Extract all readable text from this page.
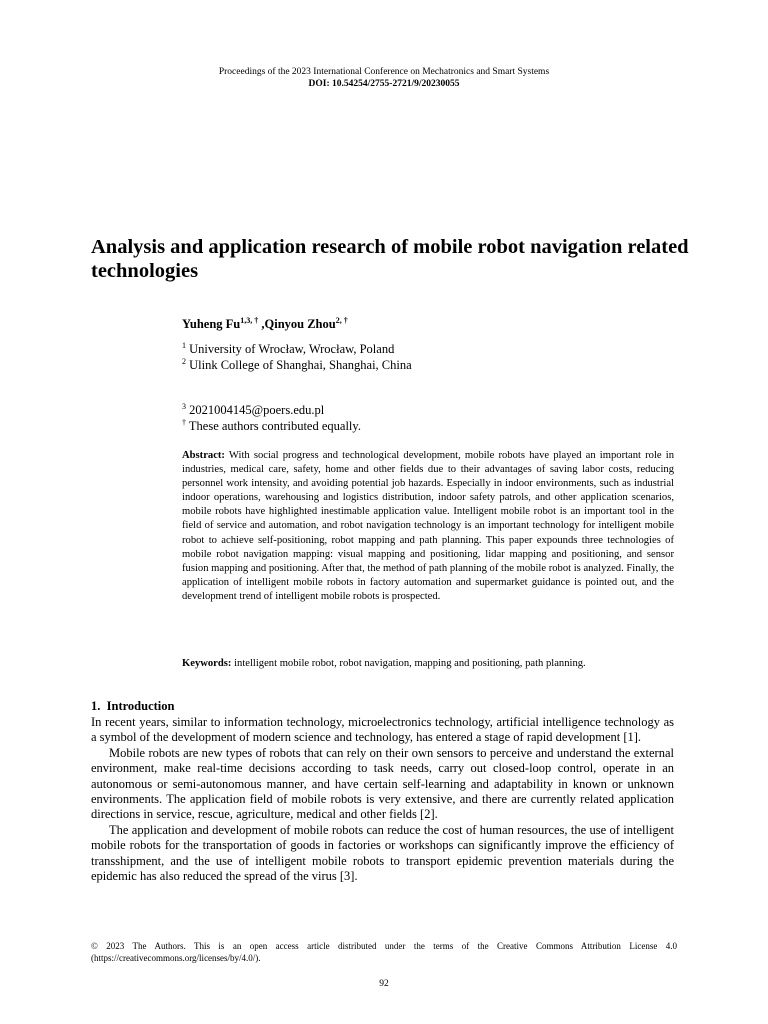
Proceedings of the 2023 International Conference on Mechatronics and Smart Systems
DOI: 10.54254/2755-2721/9/20230055
Analysis and application research of mobile robot navigation related technologies
Yuheng $Fu^{1,3, \dagger}$ ,Qinyou Zhou$^{2, \dagger}$
$^1$ University of Wrocław, Wrocław, Poland
$^2$ Ulink College of Shanghai, Shanghai, China
$^3$ 2021004145@poers.edu.pl
† These authors contributed equally.

Abstract: With social progress and technological development, mobile robots have played an important role in industries, medical care, safety, home and other fields due to their advantages of saving labor costs, reducing personnel work intensity, and avoiding potential job hazards. Especially in indoor environments, such as industrial indoor operations, warehousing and logistics distribution, indoor safety patrols, and other application scenarios, mobile robots have highlighted inestimable application value. Intelligent mobile robot is an important tool in the field of service and automation, and robot navigation technology is an important technology for intelligent mobile robot to achieve self-positioning, robot mapping and path planning. This paper expounds three technologies of mobile robot navigation mapping: visual mapping and positioning, lidar mapping and positioning, and sensor fusion mapping and positioning. After that, the method of path planning of the mobile robot is analyzed. Finally, the application of intelligent mobile robots in factory automation and supermarket guidance is pointed out, and the development trend of intelligent mobile robots is prospected.

Keywords: intelligent mobile robot, robot navigation, mapping and positioning, path planning.

1. Introduction

In recent years, similar to information technology, microelectronics technology, artificial intelligence technology as a symbol of the development of modern science and technology, has entered a stage of rapid development [1].

Mobile robots are new types of robots that can rely on their own sensors to perceive and understand the external environment, make real-time decisions according to task needs, carry out closed-loop control, operate in an autonomous or semi-autonomous manner, and have certain self-learning and adaptability in known or unknown environments. The application field of mobile robots is very extensive, and there are currently related application directions in service, rescue, agriculture, medical and other fields [2].

The application and development of mobile robots can reduce the cost of human resources, the use of intelligent mobile robots for the transportation of goods in factories or workshops can significantly improve the efficiency of transshipment, and the use of intelligent mobile robots to transport epidemic prevention materials during the epidemic has also reduced the spread of the virus [3].

© 2023 The Authors. This is an open access article distributed under the terms of the Creative Commons Attribution License 4.0 (https://creativecommons.org/licenses/by/4.0/).

92
